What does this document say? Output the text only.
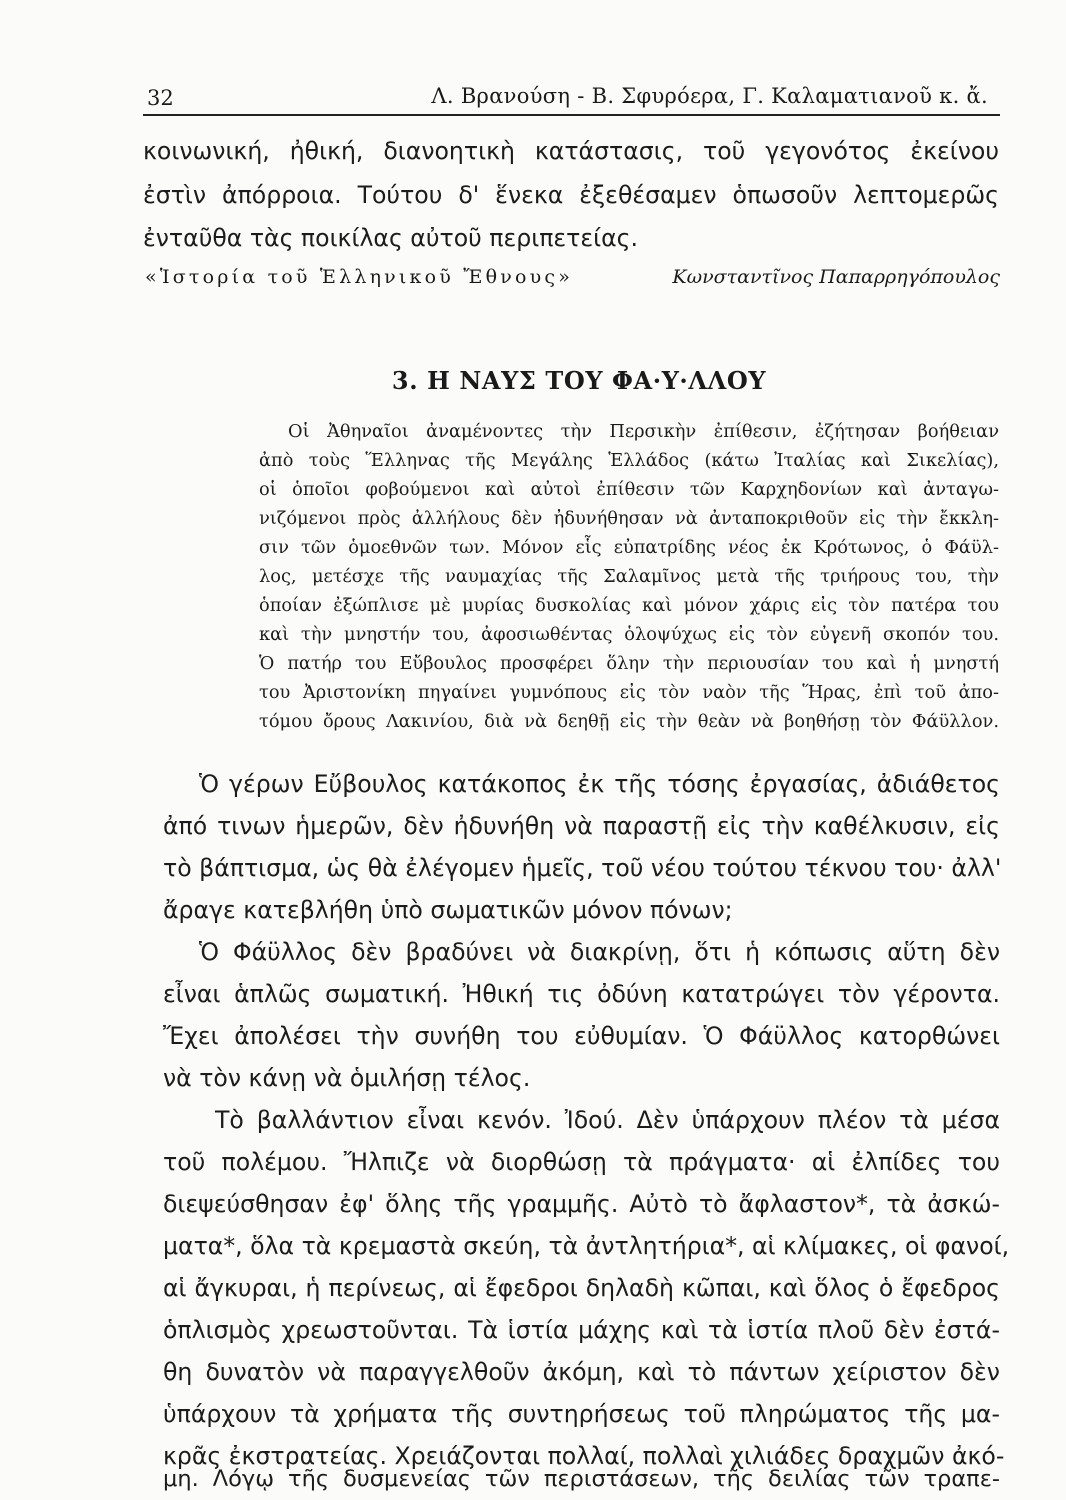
32	Λ. Βρανούση - Β. Σφυρόερα, Γ. Καλαματιανοῦ κ. ἄ.
κοινωνική, ἠθική, διανοητικὴ κατάστασις, τοῦ γεγονότος ἐκείνου
ἐστὶν ἀπόρροια. Τούτου δ' ἕνεκα ἐξεθέσαμεν ὁπωσοῦν λεπτομερῶς
ἐνταῦθα τὰς ποικίλας αὐτοῦ περιπετείας.
«Ἱστορία τοῦ Ἑλληνικοῦ Ἔθνους»	Κωνσταντῖνος Παπαρρηγόπουλος
3. Η ΝΑΥΣ ΤΟΥ ΦΑ·Υ·ΛΛΟΥ
Οἱ Ἀθηναῖοι ἀναμένοντες τὴν Περσικὴν ἐπίθεσιν, ἐζήτησαν βοήθειαν
ἀπὸ τοὺς Ἕλληνας τῆς Μεγάλης Ἑλλάδος (κάτω Ἰταλίας καὶ Σικελίας),
οἱ ὁποῖοι φοβούμενοι καὶ αὐτοὶ ἐπίθεσιν τῶν Καρχηδονίων καὶ ἀνταγω-
νιζόμενοι πρὸς ἀλλήλους δὲν ἠδυνήθησαν νὰ ἀνταποκριθοῦν εἰς τὴν ἔκκλη-
σιν τῶν ὁμοεθνῶν των. Μόνον εἷς εὐπατρίδης νέος ἐκ Κρότωνος, ὁ Φάϋλ-
λος, μετέσχε τῆς ναυμαχίας τῆς Σαλαμῖνος μετὰ τῆς τριήρους του, τὴν
ὁποίαν ἐξώπλισε μὲ μυρίας δυσκολίας καὶ μόνον χάρις εἰς τὸν πατέρα του
καὶ τὴν μνηστήν του, ἀφοσιωθέντας ὁλοψύχως εἰς τὸν εὐγενῆ σκοπόν του.
Ὁ πατήρ του Εὔβουλος προσφέρει ὅλην τὴν περιουσίαν του καὶ ἡ μνηστή
του Ἀριστονίκη πηγαίνει γυμνόπους εἰς τὸν ναὸν τῆς Ἥρας, ἐπὶ τοῦ ἀπο-
τόμου ὄρους Λακινίου, διὰ νὰ δεηθῇ εἰς τὴν θεὰν νὰ βοηθήσῃ τὸν Φάϋλλον.
Ὁ γέρων Εὔβουλος κατάκοπος ἐκ τῆς τόσης ἐργασίας, ἀδιάθετος
ἀπό τινων ἡμερῶν, δὲν ἠδυνήθη νὰ παραστῇ εἰς τὴν καθέλκυσιν, εἰς
τὸ βάπτισμα, ὡς θὰ ἐλέγομεν ἡμεῖς, τοῦ νέου τούτου τέκνου του· ἀλλ'
ἄραγε κατεβλήθη ὑπὸ σωματικῶν μόνον πόνων;
Ὁ Φάϋλλος δὲν βραδύνει νὰ διακρίνῃ, ὅτι ἡ κόπωσις αὕτη δὲν
εἶναι ἁπλῶς σωματική. Ἠθική τις ὀδύνη κατατρώγει τὸν γέροντα.
Ἔχει ἀπολέσει τὴν συνήθη του εὐθυμίαν. Ὁ Φάϋλλος κατορθώνει
νὰ τὸν κάνῃ νὰ ὁμιλήσῃ τέλος.
Τὸ βαλλάντιον εἶναι κενόν. Ἰδού. Δὲν ὑπάρχουν πλέον τὰ μέσα
τοῦ πολέμου. Ἤλπιζε νὰ διορθώσῃ τὰ πράγματα· αἱ ἐλπίδες του
διεψεύσθησαν ἐφ' ὅλης τῆς γραμμῆς. Αὐτὸ τὸ ἄφλαστον*, τὰ ἀσκώ-
ματα*, ὅλα τὰ κρεμαστὰ σκεύη, τὰ ἀντλητήρια*, αἱ κλίμακες, οἱ φανοί,
αἱ ἄγκυραι, ἡ περίνεως, αἱ ἔφεδροι δηλαδὴ κῶπαι, καὶ ὅλος ὁ ἔφεδρος
ὁπλισμὸς χρεωστοῦνται. Τὰ ἱστία μάχης καὶ τὰ ἱστία πλοῦ δὲν ἐστά-
θη δυνατὸν νὰ παραγγελθοῦν ἀκόμη, καὶ τὸ πάντων χείριστον δὲν
ὑπάρχουν τὰ χρήματα τῆς συντηρήσεως τοῦ πληρώματος τῆς μα-
κρᾶς ἐκστρατείας. Χρειάζονται πολλαί, πολλαὶ χιλιάδες δραχμῶν ἀκό-
μη. Λόγῳ τῆς δυσμενείας τῶν περιστάσεων, τῆς δειλίας τῶν τραπε-
